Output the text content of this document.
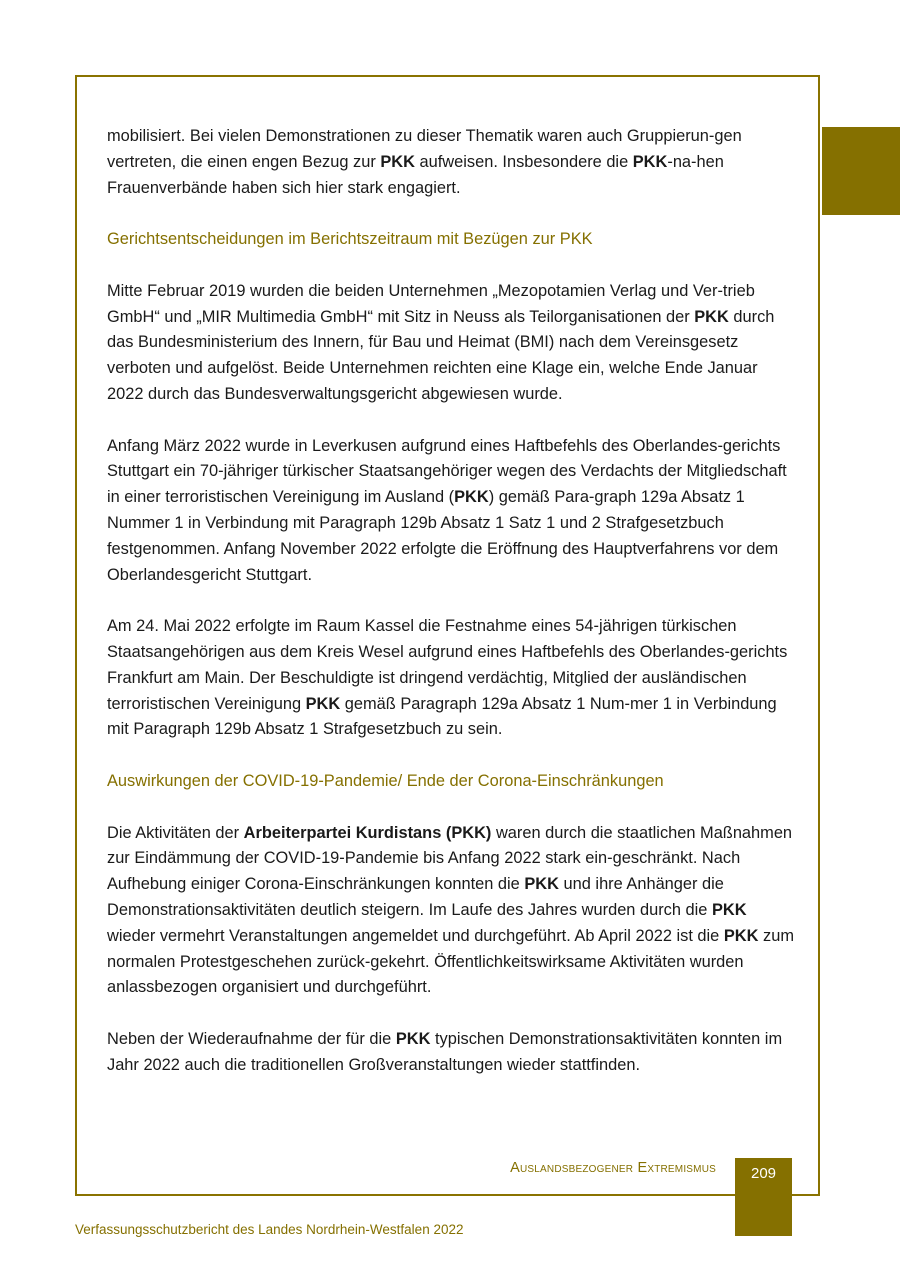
mobilisiert. Bei vielen Demonstrationen zu dieser Thematik waren auch Gruppierun-gen vertreten, die einen engen Bezug zur PKK aufweisen. Insbesondere die PKK-na-hen Frauenverbände haben sich hier stark engagiert.

Gerichtsentscheidungen im Berichtszeitraum mit Bezügen zur PKK

Mitte Februar 2019 wurden die beiden Unternehmen „Mezopotamien Verlag und Ver-trieb GmbH“ und „MIR Multimedia GmbH“ mit Sitz in Neuss als Teilorganisationen der PKK durch das Bundesministerium des Innern, für Bau und Heimat (BMI) nach dem Vereinsgesetz verboten und aufgelöst. Beide Unternehmen reichten eine Klage ein, welche Ende Januar 2022 durch das Bundesverwaltungsgericht abgewiesen wurde.

Anfang März 2022 wurde in Leverkusen aufgrund eines Haftbefehls des Oberlandes-gerichts Stuttgart ein 70-jähriger türkischer Staatsangehöriger wegen des Verdachts der Mitgliedschaft in einer terroristischen Vereinigung im Ausland (PKK) gemäß Para-graph 129a Absatz 1 Nummer 1 in Verbindung mit Paragraph 129b Absatz 1 Satz 1 und 2 Strafgesetzbuch festgenommen. Anfang November 2022 erfolgte die Eröffnung des Hauptverfahrens vor dem Oberlandesgericht Stuttgart.

Am 24. Mai 2022 erfolgte im Raum Kassel die Festnahme eines 54-jährigen türkischen Staatsangehörigen aus dem Kreis Wesel aufgrund eines Haftbefehls des Oberlandes-gerichts Frankfurt am Main. Der Beschuldigte ist dringend verdächtig, Mitglied der ausländischen terroristischen Vereinigung PKK gemäß Paragraph 129a Absatz 1 Num-mer 1 in Verbindung mit Paragraph 129b Absatz 1 Strafgesetzbuch zu sein.

Auswirkungen der COVID-19-Pandemie/ Ende der Corona-Einschränkungen

Die Aktivitäten der Arbeiterpartei Kurdistans (PKK) waren durch die staatlichen Maßnahmen zur Eindämmung der COVID-19-Pandemie bis Anfang 2022 stark ein-geschränkt. Nach Aufhebung einiger Corona-Einschränkungen konnten die PKK und ihre Anhänger die Demonstrationsaktivitäten deutlich steigern. Im Laufe des Jahres wurden durch die PKK wieder vermehrt Veranstaltungen angemeldet und durchgeführt. Ab April 2022 ist die PKK zum normalen Protestgeschehen zurück-gekehrt. Öffentlichkeitswirksame Aktivitäten wurden anlassbezogen organisiert und durchgeführt.

Neben der Wiederaufnahme der für die PKK typischen Demonstrationsaktivitäten konnten im Jahr 2022 auch die traditionellen Großveranstaltungen wieder stattfinden.

Auslandsbezogener Extremismus	209
Verfassungsschutzbericht des Landes Nordrhein-Westfalen 2022
